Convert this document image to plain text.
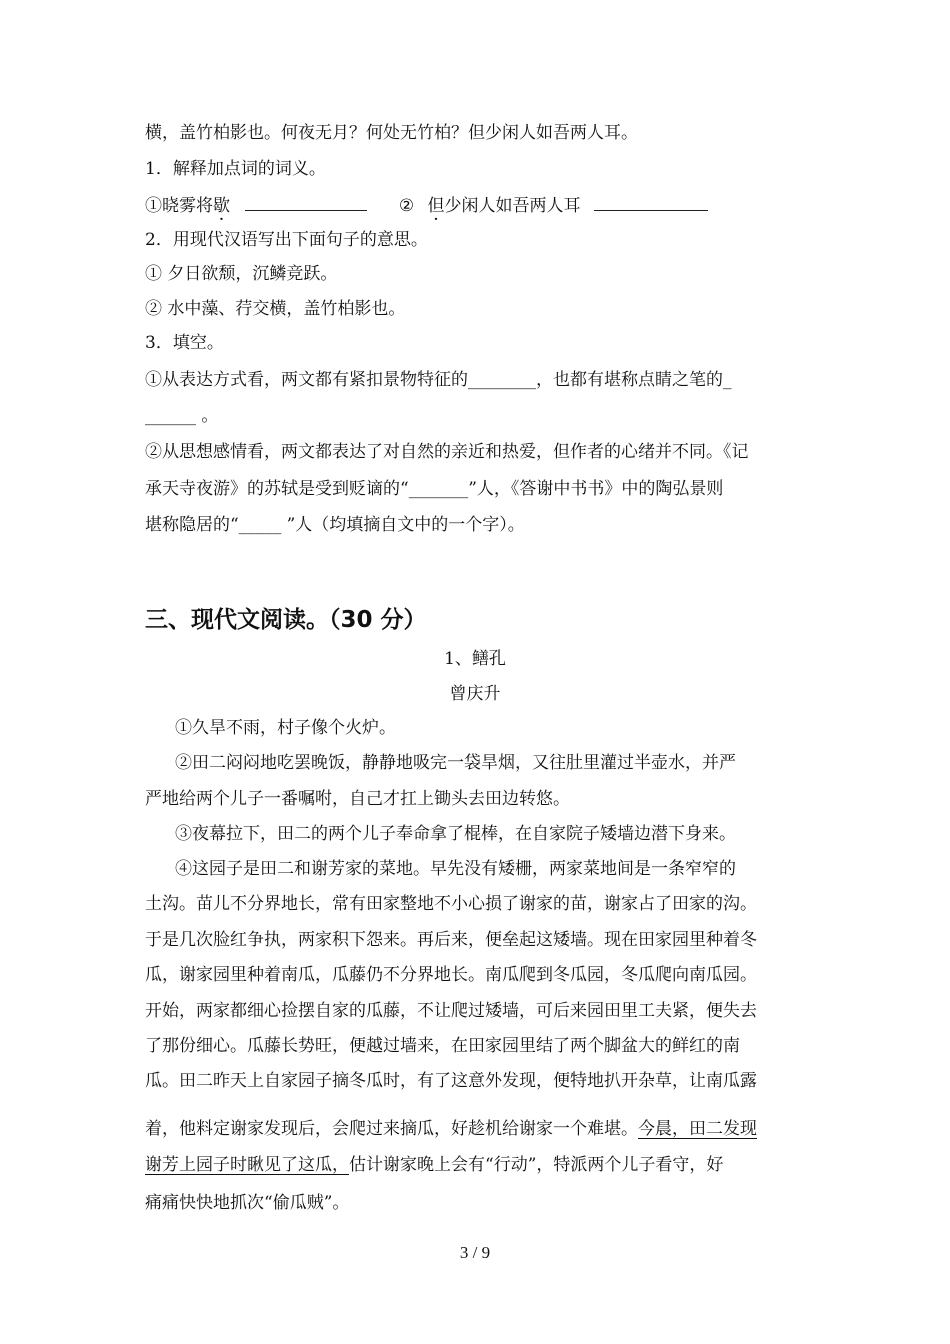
横，盖竹柏影也。何夜无月？何处无竹柏？但少闲人如吾两人耳。
1．解释加点词的词义。
①晓雾将歇	② 但少闲人如吾两人耳
2．用现代汉语写出下面句子的意思。
① 夕日欲颓，沉鳞竞跃。
② 水中藻、荇交横，盖竹柏影也。
3．填空。
①从表达方式看，两文都有紧扣景物特征的________，也都有堪称点睛之笔的_
______ 。
②从思想感情看，两文都表达了对自然的亲近和热爱，但作者的心绪并不同。《记
承天寺夜游》的苏轼是受到贬谪的“_______”人，《答谢中书书》中的陶弘景则
堪称隐居的“_____ ”人（均填摘自文中的一个字）。
三、现代文阅读。（30 分）
1、鳝孔
曾庆升
①久旱不雨，村子像个火炉。
②田二闷闷地吃罢晚饭，静静地吸完一袋旱烟，又往肚里灌过半壶水，并严
严地给两个儿子一番嘱咐，自己才扛上锄头去田边转悠。
③夜幕拉下，田二的两个儿子奉命拿了棍棒，在自家院子矮墙边潜下身来。
④这园子是田二和谢芳家的菜地。早先没有矮栅，两家菜地间是一条窄窄的
土沟。苗儿不分界地长，常有田家整地不小心损了谢家的苗，谢家占了田家的沟。
于是几次脸红争执，两家积下怨来。再后来，便垒起这矮墙。现在田家园里种着冬
瓜，谢家园里种着南瓜，瓜藤仍不分界地长。南瓜爬到冬瓜园，冬瓜爬向南瓜园。
开始，两家都细心捡摆自家的瓜藤，不让爬过矮墙，可后来园田里工夫紧，便失去
了那份细心。瓜藤长势旺，便越过墙来，在田家园里结了两个脚盆大的鲜红的南
瓜。田二昨天上自家园子摘冬瓜时，有了这意外发现，便特地扒开杂草，让南瓜露
着，他料定谢家发现后，会爬过来摘瓜，好趁机给谢家一个难堪。今晨，田二发现
谢芳上园子时瞅见了这瓜，估计谢家晚上会有“行动”，特派两个儿子看守，好
痛痛快快地抓次“偷瓜贼”。
3 / 9
